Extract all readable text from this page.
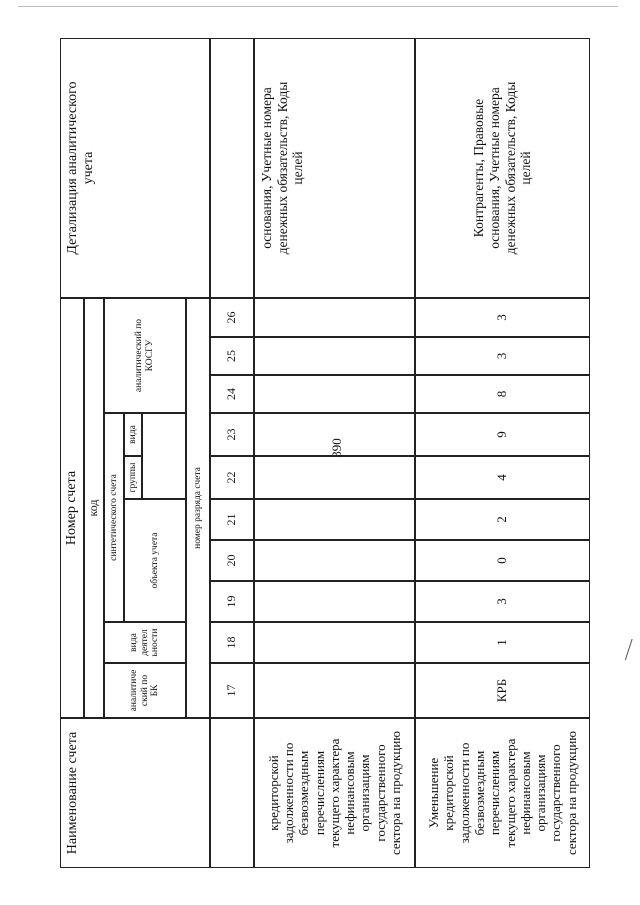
390
Наименование счета
Номер счета код
аналитиче
ский по
БК
вида
деятел
ьности
синтетического счета	объекта учета
группы
вида
аналитический по
КОСГУ
номер разряда счета
Детализация аналитического
учета
17
18
19
20
21
22
23
24
25
26
кредиторской
задолженности по
безвозмездным
перечислениям
текущего характера
нефинансовым
организациям
государственного
сектора на продукцию
основания, Учетные номера
денежных обязательств, Коды
целей
Уменьшение
кредиторской
задолженности по
безвозмездным
перечислениям
текущего характера
нефинансовым
организациям
государственного
сектора на продукцию
КРБ
1
3
0
2
4
9
8
3
3
Контрагенты, Правовые
основания, Учетные номера
денежных обязательств, Коды
целей
